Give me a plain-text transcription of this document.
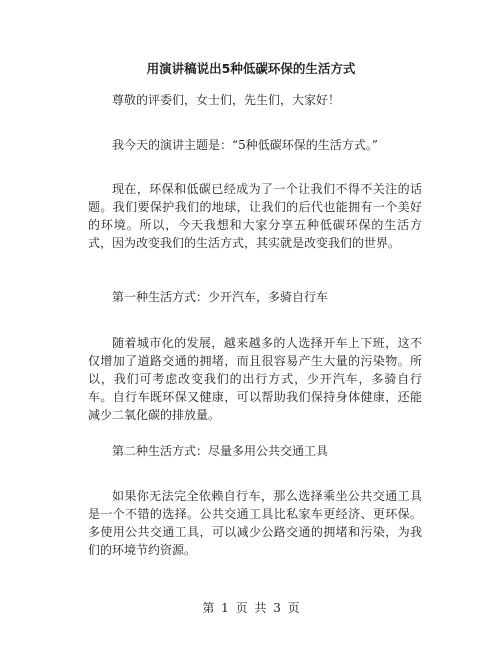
用演讲稿说出5种低碳环保的生活方式

尊敬的评委们，女士们，先生们，大家好！

我今天的演讲主题是：“5种低碳环保的生活方式。”

现在，环保和低碳已经成为了一个让我们不得不关注的话题。我们要保护我们的地球，让我们的后代也能拥有一个美好的环境。所以，今天我想和大家分享五种低碳环保的生活方式，因为改变我们的生活方式，其实就是改变我们的世界。

第一种生活方式：少开汽车，多骑自行车

随着城市化的发展，越来越多的人选择开车上下班，这不仅增加了道路交通的拥堵，而且很容易产生大量的污染物。所以，我们可考虑改变我们的出行方式，少开汽车，多骑自行车。自行车既环保又健康，可以帮助我们保持身体健康，还能减少二氧化碳的排放量。

第二种生活方式：尽量多用公共交通工具

如果你无法完全依赖自行车，那么选择乘坐公共交通工具是一个不错的选择。公共交通工具比私家车更经济、更环保。多使用公共交通工具，可以减少公路交通的拥堵和污染，为我们的环境节约资源。

第 1 页 共 3 页
